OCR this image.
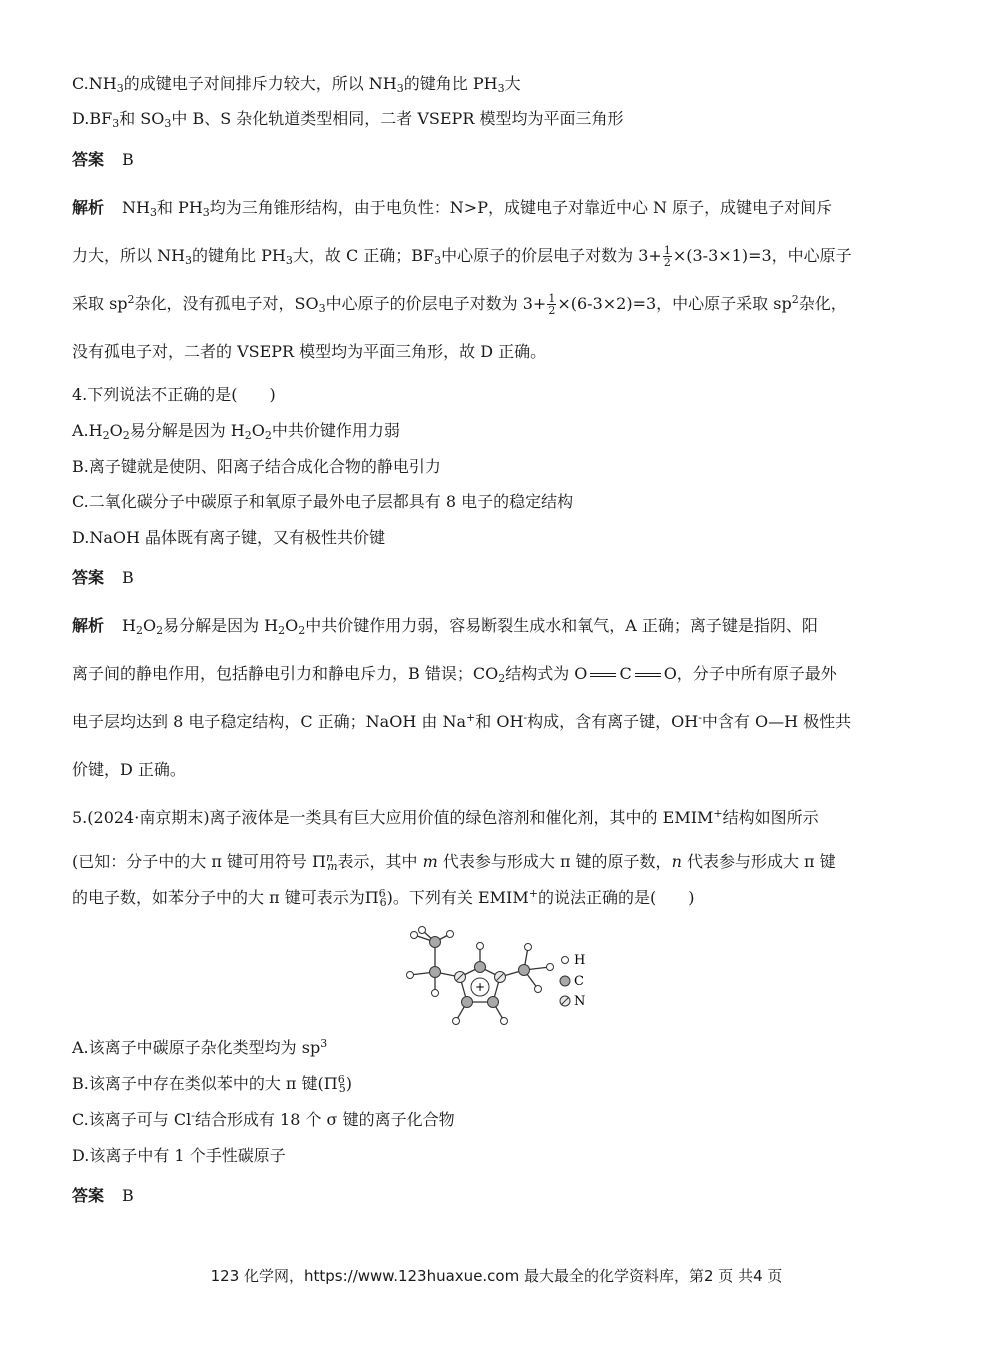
$C.NH_3$的成键电子对间排斥力较大，所以 $NH_3$的键角比 $PH_3$大
$D.BF_3$和 $SO_3$中 B、S 杂化轨道类型相同，二者 VSEPR 模型均为平面三角形
答案 B
解析 $NH_3$和 $PH_3$均为三角锥形结构，由于电负性：N>P，成键电子对靠近中心 N 原子，成键电子对间斥
力大，所以 $NH_3$的键角比 $PH_3$大，故 C 正确；$BF_3$中心原子的价层电子对数为 $3+ \frac{1}{2} \times(3-3\times 1)=3$，中心原子
采取 $sp^2$杂化，没有孤电子对，$SO_3$中心原子的价层电子对数为 $3+ \frac{1}{2} \times(6-3\times 2)=3$，中心原子采取 $sp^2$杂化，
没有孤电子对，二者的 VSEPR 模型均为平面三角形，故 D 正确。
4.下列说法不正确的是(　　)
$A.H_2O_2$易分解是因为 $H_2O_2$中共价键作用力弱
B.离子键就是使阴、阳离子结合成化合物的静电引力
C.二氧化碳分子中碳原子和氧原子最外电子层都具有 8 电子的稳定结构
D.NaOH 晶体既有离子键，又有极性共价键
答案 B
解析 $H_2O_2$易分解是因为 $H_2O_2$中共价键作用力弱，容易断裂生成水和氧气，A 正确；离子键是指阴、阳
离子间的静电作用，包括静电引力和静电斥力，B 错误；$CO_2$结构式为 O C O，分子中所有原子最外
电子层均达到 8 电子稳定结构，C 正确；NaOH 由 Na+和 OH-构成，含有离子键，OH-中含有 O—H 极性共
价键，D 正确。
5.(2024·南京期末)离子液体是一类具有巨大应用价值的绿色溶剂和催化剂，其中的 EMIM+结构如图所示
(已知：分子中的大 π 键可用符号 $\Pi^n_m$表示，其中 m 代表参与形成大 π 键的原子数，n 代表参与形成大 π 键
的电子数，如苯分子中的大 π 键可表示为$\Pi^6_6$)。下列有关 EMIM+的说法正确的是(　　)
+
H
C
N
A.该离子中碳原子杂化类型均为 $sp^3$
B.该离子中存在类似苯中的大 π 键$(\Pi^6_5)$
C.该离子可与 Cl-结合形成有 18 个 σ 键的离子化合物
D.该离子中有 1 个手性碳原子
答案 B
123 化学网，https://www.123huaxue.com 最大最全的化学资料库，第2 页 共4 页
